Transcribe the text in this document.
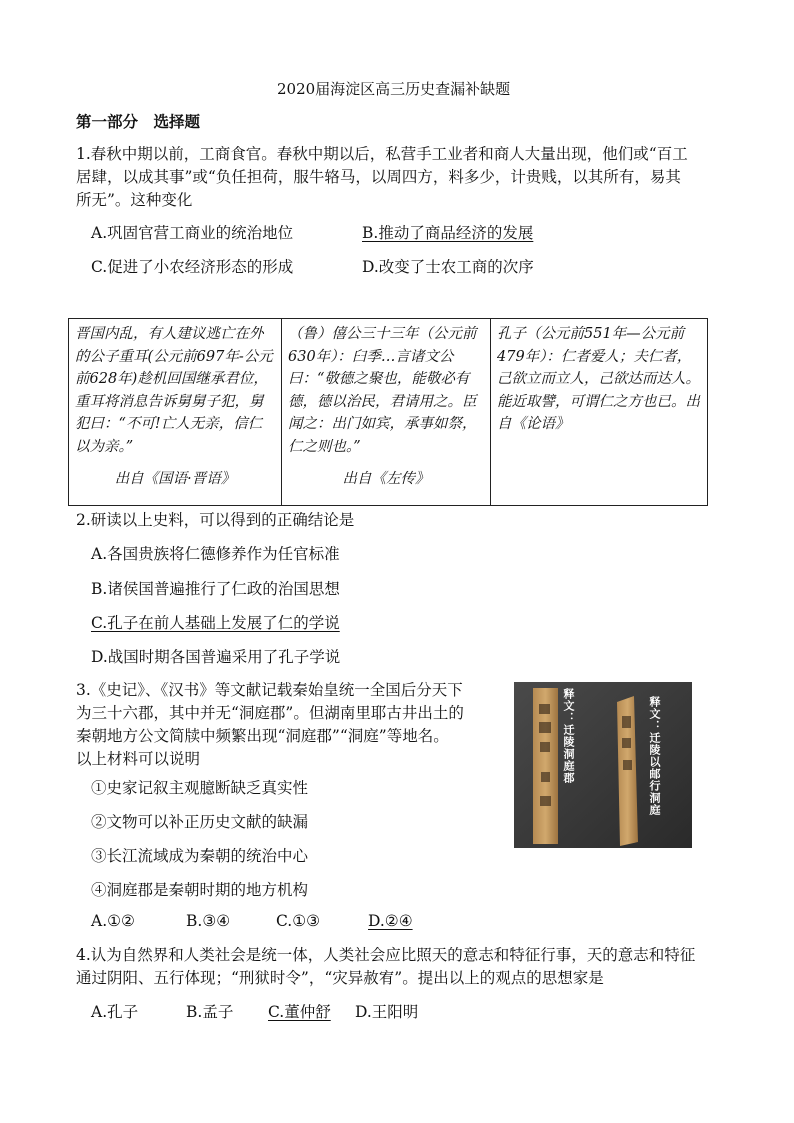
2020届海淀区高三历史查漏补缺题
第一部分　选择题
1.春秋中期以前，工商食官。春秋中期以后，私营手工业者和商人大量出现，他们或“百工
居肆，以成其事”或“负任担荷，服牛辂马，以周四方，料多少，计贵贱，以其所有，易其
所无”。这种变化
A.巩固官营工商业的统治地位	B.推动了商品经济的发展
C.促进了小农经济形态的形成	D.改变了士农工商的次序
晋国内乱，有人建议逃亡在外的公子重耳(公元前697年-公元前628年)趁机回国继承君位，重耳将消息告诉舅舅子犯，舅犯曰：“不可!亡人无亲，信仁以为亲。”
出自《国语·晋语》

（鲁）僖公三十三年（公元前630年）：臼季…言诸文公曰：“敬德之聚也，能敬必有德，德以治民，君请用之。臣闻之：出门如宾，承事如祭，仁之则也。”
出自《左传》

孔子（公元前551年—公元前479年）：仁者爱人；夫仁者，己欲立而立人，己欲达而达人。能近取譬，可谓仁之方也已。出自《论语》
2.研读以上史料，可以得到的正确结论是
A.各国贵族将仁德修养作为任官标准
B.诸侯国普遍推行了仁政的治国思想
C.孔子在前人基础上发展了仁的学说
D.战国时期各国普遍采用了孔子学说
3.《史记》、《汉书》等文献记载秦始皇统一全国后分天下
为三十六郡，其中并无“洞庭郡”。但湖南里耶古井出土的
秦朝地方公文简牍中频繁出现“洞庭郡”“洞庭”等地名。
以上材料可以说明
①史家记叙主观臆断缺乏真实性
②文物可以补正历史文献的缺漏
③长江流域成为秦朝的统治中心
④洞庭郡是秦朝时期的地方机构
A.①②	B.③④	C.①③	D.②④
释文：迁陵洞庭郡	释文：迁陵以邮行洞庭
4.认为自然界和人类社会是统一体，人类社会应比照天的意志和特征行事，天的意志和特征
通过阴阳、五行体现；“刑狱时令”，“灾异赦宥”。提出以上的观点的思想家是
A.孔子	B.孟子 C.董仲舒 D.王阳明
